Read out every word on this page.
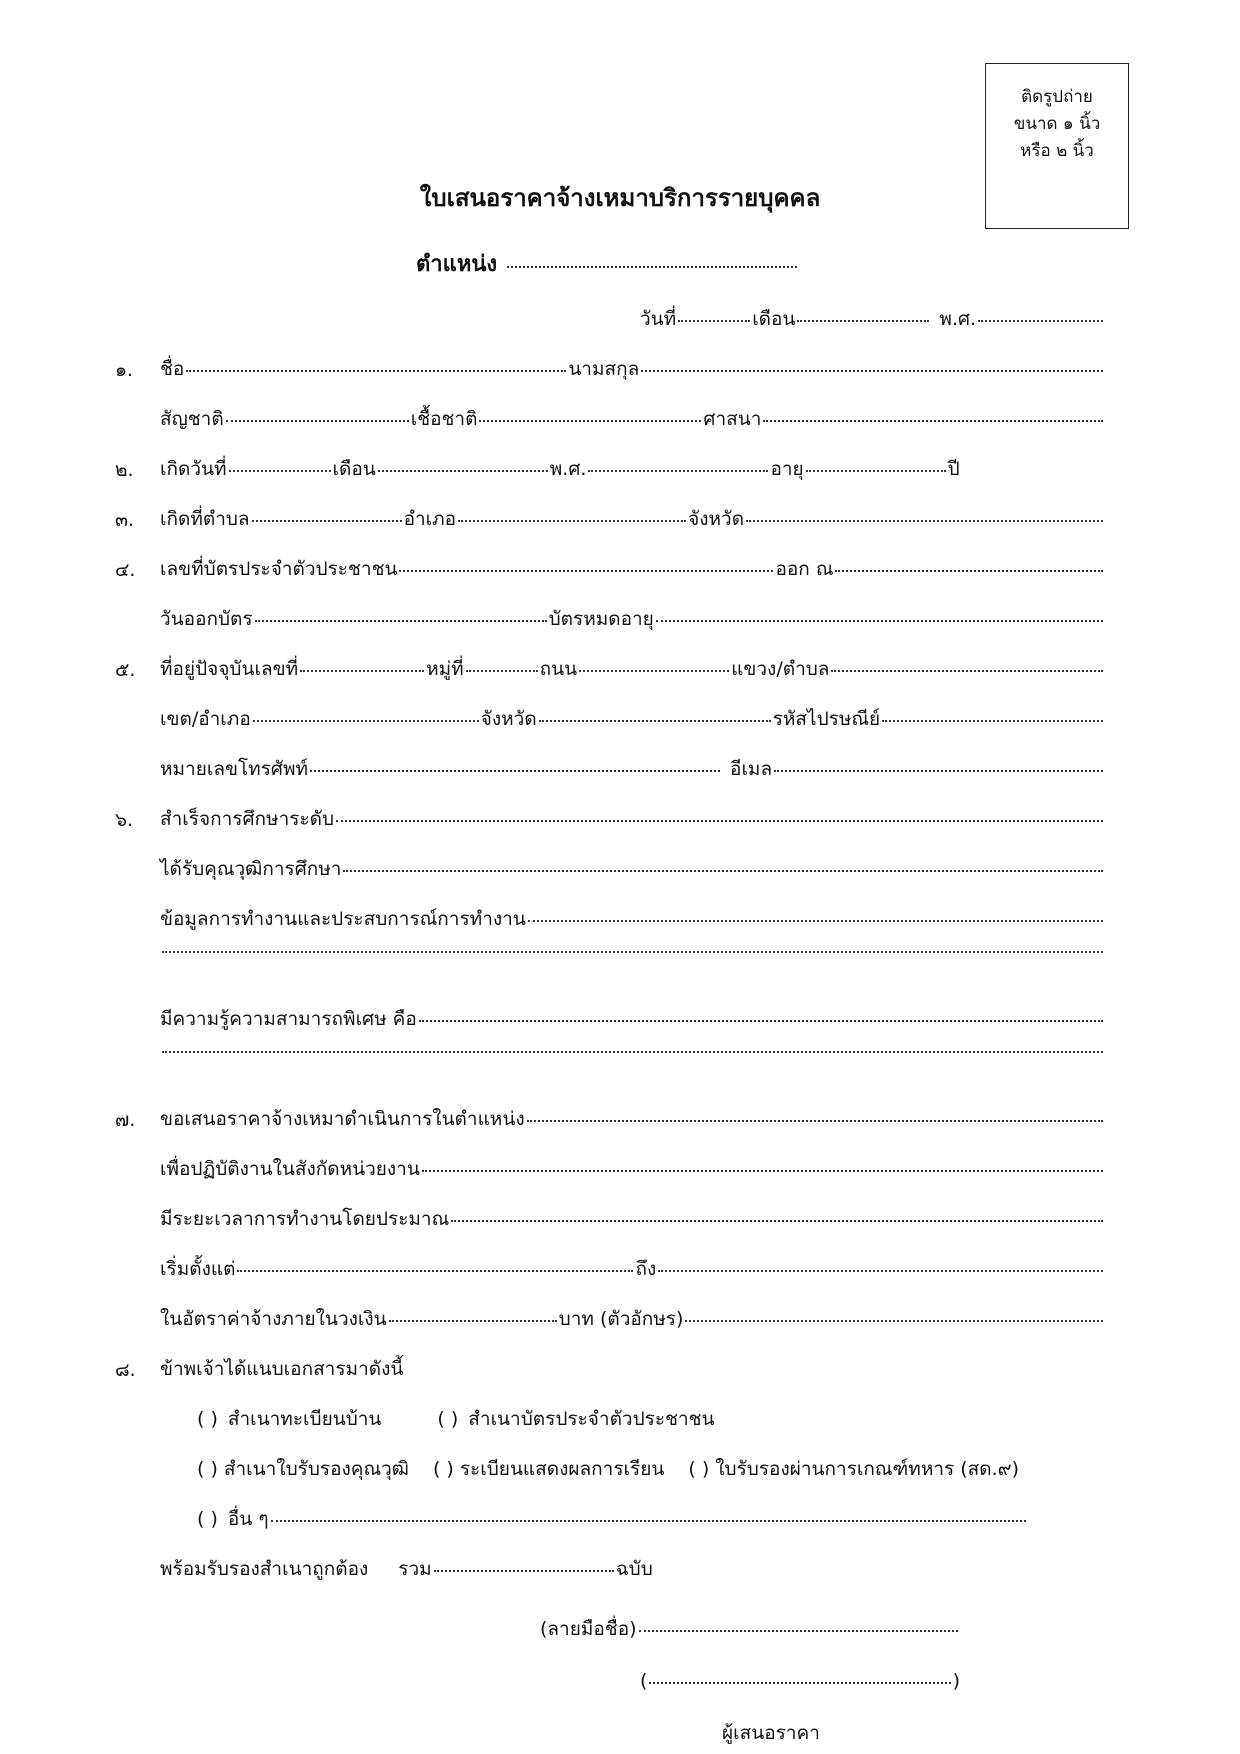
ติดรูปถ่าย
ขนาด ๑ นิ้ว
หรือ ๒ นิ้ว
ใบเสนอราคาจ้างเหมาบริการรายบุคคล
ตำแหน่ง
วันที่	เดือน	พ.ศ.
๑. ชื่อ	นามสกุล
สัญชาติ	เชื้อชาติ	ศาสนา
๒. เกิดวันที่	เดือน	พ.ศ.	อายุ	ปี
๓. เกิดที่ตำบล	อำเภอ	จังหวัด
๔. เลขที่บัตรประจำตัวประชาชน	ออก ณ
วันออกบัตร	บัตรหมดอายุ
๕. ที่อยู่ปัจจุบันเลขที่	หมู่ที่	ถนน	แขวง/ตำบล
เขต/อำเภอ	จังหวัด	รหัสไปรษณีย์
หมายเลขโทรศัพท์	อีเมล
๖. สำเร็จการศึกษาระดับ
ได้รับคุณวุฒิการศึกษา
ข้อมูลการทำงานและประสบการณ์การทำงาน
มีความรู้ความสามารถพิเศษ คือ
๗. ขอเสนอราคาจ้างเหมาดำเนินการในตำแหน่ง
เพื่อปฏิบัติงานในสังกัดหน่วยงาน
มีระยะเวลาการทำงานโดยประมาณ
เริ่มตั้งแต่	ถึง
ในอัตราค่าจ้างภายในวงเงิน	บาท (ตัวอักษร)
๘. ข้าพเจ้าได้แนบเอกสารมาดังนี้
( ) สำเนาทะเบียนบ้าน	( ) สำเนาบัตรประจำตัวประชาชน
( ) สำเนาใบรับรองคุณวุฒิ ( ) ระเบียนแสดงผลการเรียน ( ) ใบรับรองผ่านการเกณฑ์ทหาร (สด.๙)
( ) อื่น ๆ
พร้อมรับรองสำเนาถูกต้อง รวม	ฉบับ
(ลายมือชื่อ)
(	)
ผู้เสนอราคา
